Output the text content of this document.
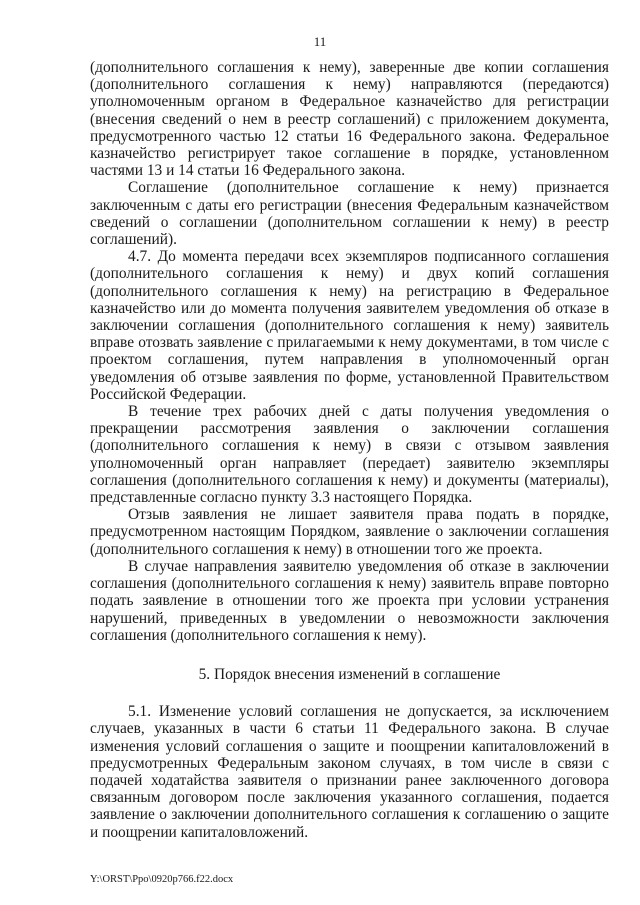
11

(дополнительного соглашения к нему), заверенные две копии соглашения (дополнительного соглашения к нему) направляются (передаются) уполномоченным органом в Федеральное казначейство для регистрации (внесения сведений о нем в реестр соглашений) с приложением документа, предусмотренного частью 12 статьи 16 Федерального закона. Федеральное казначейство регистрирует такое соглашение в порядке, установленном частями 13 и 14 статьи 16 Федерального закона.

Соглашение (дополнительное соглашение к нему) признается заключенным с даты его регистрации (внесения Федеральным казначейством сведений о соглашении (дополнительном соглашении к нему) в реестр соглашений).

4.7. До момента передачи всех экземпляров подписанного соглашения (дополнительного соглашения к нему) и двух копий соглашения (дополнительного соглашения к нему) на регистрацию в Федеральное казначейство или до момента получения заявителем уведомления об отказе в заключении соглашения (дополнительного соглашения к нему) заявитель вправе отозвать заявление с прилагаемыми к нему документами, в том числе с проектом соглашения, путем направления в уполномоченный орган уведомления об отзыве заявления по форме, установленной Правительством Российской Федерации.

В течение трех рабочих дней с даты получения уведомления о прекращении рассмотрения заявления о заключении соглашения (дополнительного соглашения к нему) в связи с отзывом заявления уполномоченный орган направляет (передает) заявителю экземпляры соглашения (дополнительного соглашения к нему) и документы (материалы), представленные согласно пункту 3.3 настоящего Порядка.

Отзыв заявления не лишает заявителя права подать в порядке, предусмотренном настоящим Порядком, заявление о заключении соглашения (дополнительного соглашения к нему) в отношении того же проекта.

В случае направления заявителю уведомления об отказе в заключении соглашения (дополнительного соглашения к нему) заявитель вправе повторно подать заявление в отношении того же проекта при условии устранения нарушений, приведенных в уведомлении о невозможности заключения соглашения (дополнительного соглашения к нему).

5. Порядок внесения изменений в соглашение

5.1. Изменение условий соглашения не допускается, за исключением случаев, указанных в части 6 статьи 11 Федерального закона. В случае изменения условий соглашения о защите и поощрении капиталовложений в предусмотренных Федеральным законом случаях, в том числе в связи с подачей ходатайства заявителя о признании ранее заключенного договора связанным договором после заключения указанного соглашения, подается заявление о заключении дополнительного соглашения к соглашению о защите и поощрении капиталовложений.

Y:\ORST\Ppo\0920p766.f22.docx
